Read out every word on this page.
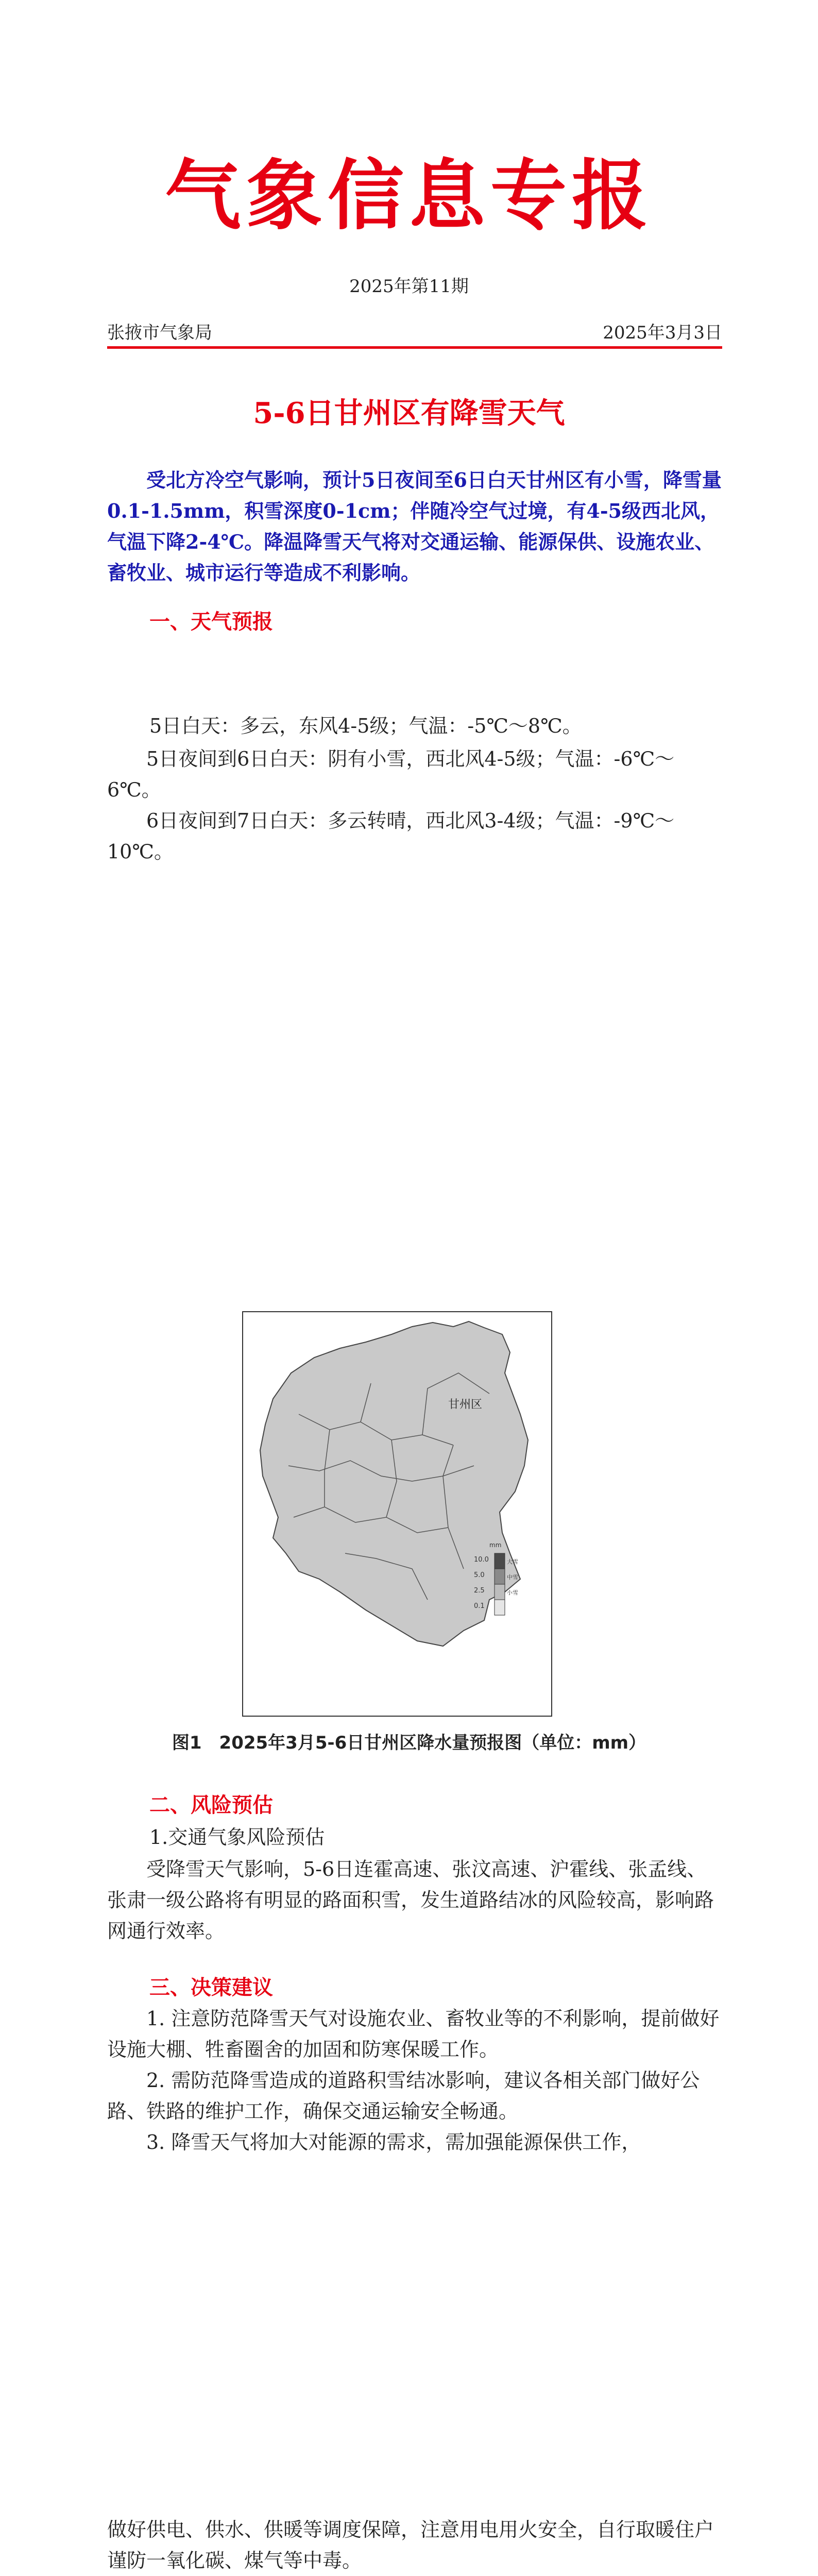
气象信息专报
2025年第11期
张掖市气象局	2025年3月3日
5-6日甘州区有降雪天气
受北方冷空气影响，预计5日夜间至6日白天甘州区有小雪，降雪量0.1-1.5mm，积雪深度0-1cm；伴随冷空气过境，有4-5级西北风，气温下降2-4℃。降温降雪天气将对交通运输、能源保供、设施农业、畜牧业、城市运行等造成不利影响。
一、天气预报
5日白天：多云，东风4-5级；气温：-5℃～8℃。
5日夜间到6日白天：阴有小雪，西北风4-5级；气温：-6℃～6℃。
6日夜间到7日白天：多云转晴，西北风3-4级；气温：-9℃～10℃。
甘州区
mm
10.0	大雪
5.0	中雪
2.5	小雪
0.1
图1　2025年3月5-6日甘州区降水量预报图（单位：mm）
二、风险预估
1.交通气象风险预估
受降雪天气影响，5-6日连霍高速、张汶高速、沪霍线、张孟线、张肃一级公路将有明显的路面积雪，发生道路结冰的风险较高，影响路网通行效率。
三、决策建议
1. 注意防范降雪天气对设施农业、畜牧业等的不利影响，提前做好设施大棚、牲畜圈舍的加固和防寒保暖工作。
2. 需防范降雪造成的道路积雪结冰影响，建议各相关部门做好公路、铁路的维护工作，确保交通运输安全畅通。
3. 降雪天气将加大对能源的需求，需加强能源保供工作，
做好供电、供水、供暖等调度保障，注意用电用火安全，自行取暖住户谨防一氧化碳、煤气等中毒。
